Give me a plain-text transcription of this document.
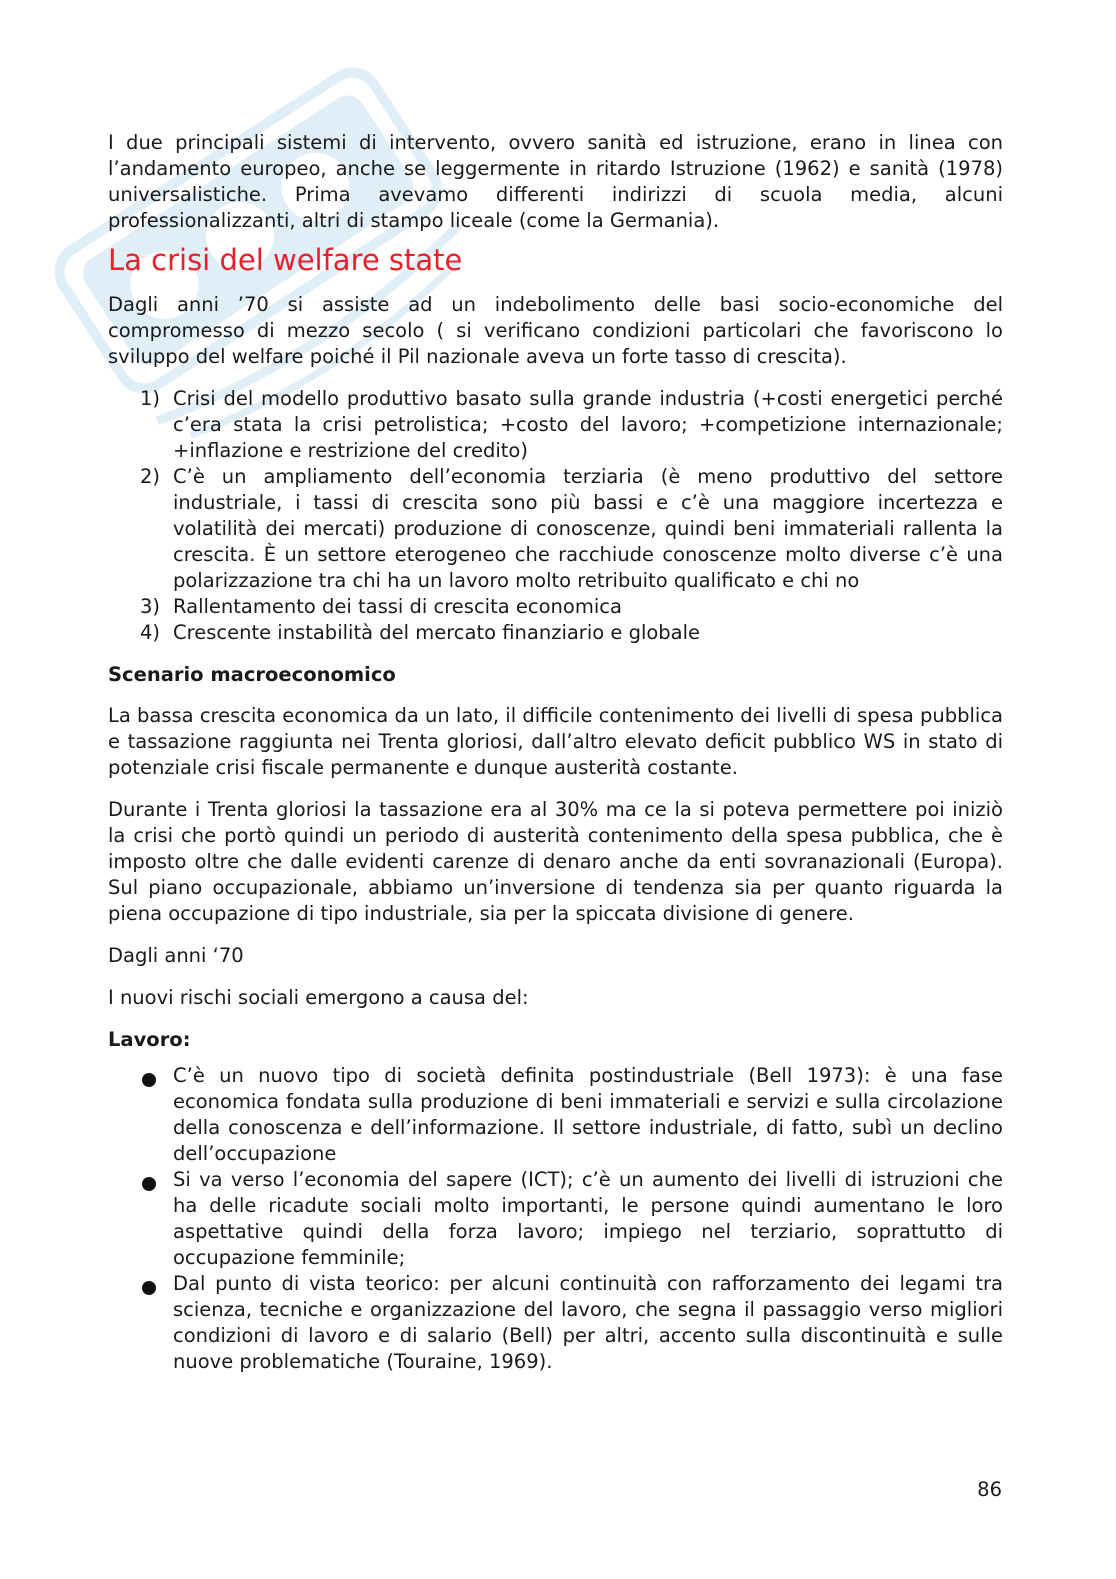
I due principali sistemi di intervento, ovvero sanità ed istruzione, erano in linea con l’andamento europeo, anche se leggermente in ritardo Istruzione (1962) e sanità (1978) universalistiche. Prima avevamo differenti indirizzi di scuola media, alcuni professionalizzanti, altri di stampo liceale (come la Germania).

La crisi del welfare state

Dagli anni ’70 si assiste ad un indebolimento delle basi socio-economiche del compromesso di mezzo secolo ( si verificano condizioni particolari che favoriscono lo sviluppo del welfare poiché il Pil nazionale aveva un forte tasso di crescita).

1) Crisi del modello produttivo basato sulla grande industria (+costi energetici perché c’era stata la crisi petrolistica; +costo del lavoro; +competizione internazionale; +inflazione e restrizione del credito)
2) C’è un ampliamento dell’economia terziaria (è meno produttivo del settore industriale, i tassi di crescita sono più bassi e c’è una maggiore incertezza e volatilità dei mercati) produzione di conoscenze, quindi beni immateriali rallenta la crescita. È un settore eterogeneo che racchiude conoscenze molto diverse c’è una polarizzazione tra chi ha un lavoro molto retribuito qualificato e chi no
3) Rallentamento dei tassi di crescita economica
4) Crescente instabilità del mercato finanziario e globale

Scenario macroeconomico

La bassa crescita economica da un lato, il difficile contenimento dei livelli di spesa pubblica e tassazione raggiunta nei Trenta gloriosi, dall’altro elevato deficit pubblico WS in stato di potenziale crisi fiscale permanente e dunque austerità costante.

Durante i Trenta gloriosi la tassazione era al 30% ma ce la si poteva permettere poi iniziò la crisi che portò quindi un periodo di austerità contenimento della spesa pubblica, che è imposto oltre che dalle evidenti carenze di denaro anche da enti sovranazionali (Europa). Sul piano occupazionale, abbiamo un’inversione di tendenza sia per quanto riguarda la piena occupazione di tipo industriale, sia per la spiccata divisione di genere.

Dagli anni ‘70

I nuovi rischi sociali emergono a causa del:

Lavoro:

C’è un nuovo tipo di società definita postindustriale (Bell 1973): è una fase economica fondata sulla produzione di beni immateriali e servizi e sulla circolazione della conoscenza e dell’informazione. Il settore industriale, di fatto, subì un declino dell’occupazione
Si va verso l’economia del sapere (ICT); c’è un aumento dei livelli di istruzioni che ha delle ricadute sociali molto importanti, le persone quindi aumentano le loro aspettative quindi della forza lavoro; impiego nel terziario, soprattutto di occupazione femminile;
Dal punto di vista teorico: per alcuni continuità con rafforzamento dei legami tra scienza, tecniche e organizzazione del lavoro, che segna il passaggio verso migliori condizioni di lavoro e di salario (Bell) per altri, accento sulla discontinuità e sulle nuove problematiche (Touraine, 1969).
86
